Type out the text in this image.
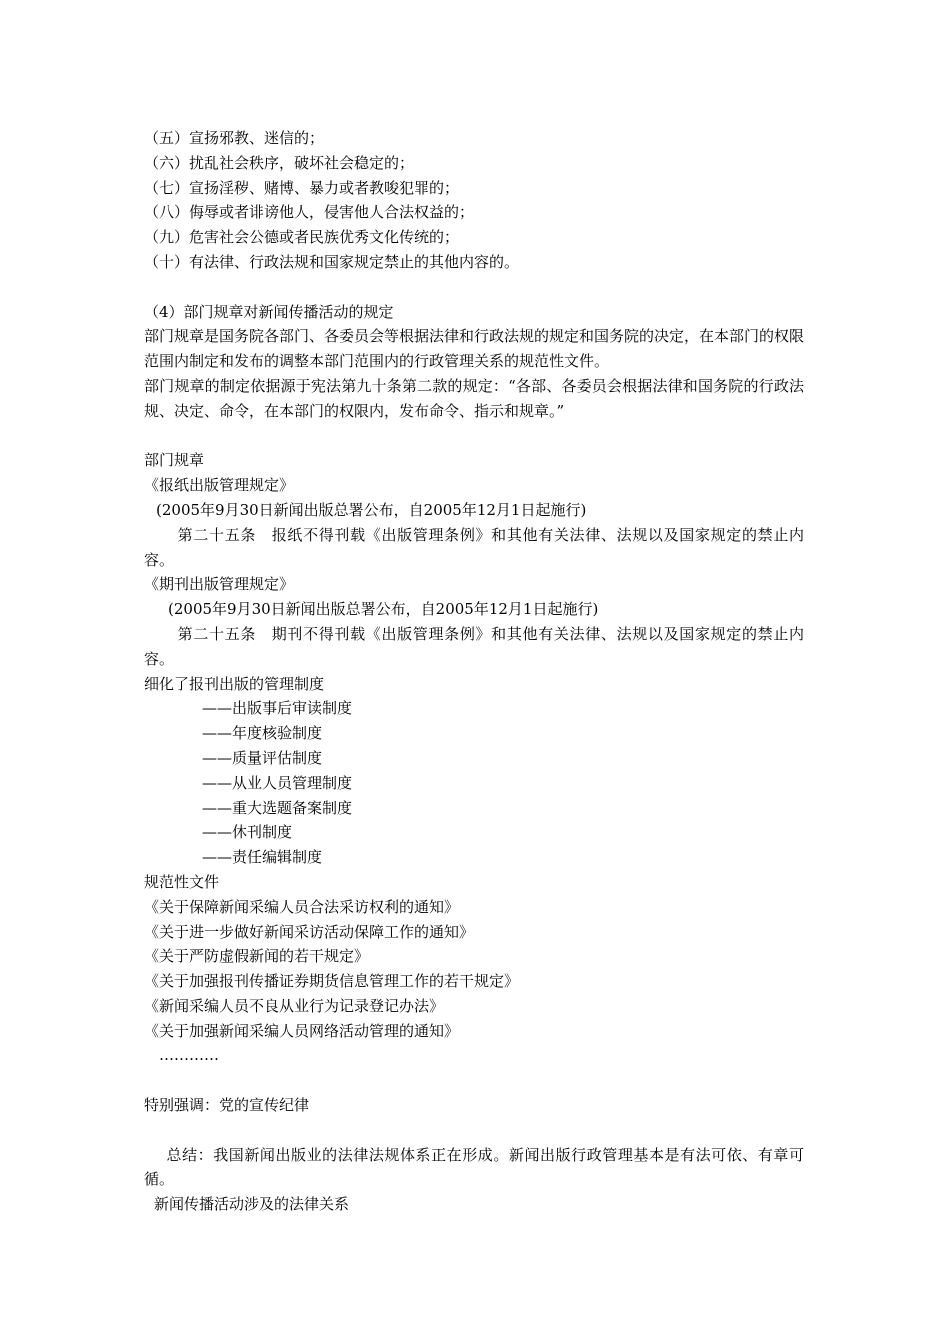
（五）宣扬邪教、迷信的；

（六）扰乱社会秩序，破坏社会稳定的；

（七）宣扬淫秽、赌博、暴力或者教唆犯罪的；

（八）侮辱或者诽谤他人，侵害他人合法权益的；

（九）危害社会公德或者民族优秀文化传统的；

（十）有法律、行政法规和国家规定禁止的其他内容的。

（4）部门规章对新闻传播活动的规定

部门规章是国务院各部门、各委员会等根据法律和行政法规的规定和国务院的决定，在本部门的权限范围内制定和发布的调整本部门范围内的行政管理关系的规范性文件。

部门规章的制定依据源于宪法第九十条第二款的规定：“各部、各委员会根据法律和国务院的行政法规、决定、命令，在本部门的权限内，发布命令、指示和规章。”

部门规章

《报纸出版管理规定》

(2005年9月30日新闻出版总署公布，自2005年12月1日起施行)

第二十五条　报纸不得刊载《出版管理条例》和其他有关法律、法规以及国家规定的禁止内容。

《期刊出版管理规定》

(2005年9月30日新闻出版总署公布，自2005年12月1日起施行)

第二十五条　期刊不得刊载《出版管理条例》和其他有关法律、法规以及国家规定的禁止内容。

细化了报刊出版的管理制度

——出版事后审读制度

——年度核验制度

——质量评估制度

——从业人员管理制度

——重大选题备案制度

——休刊制度

——责任编辑制度

规范性文件

《关于保障新闻采编人员合法采访权利的通知》

《关于进一步做好新闻采访活动保障工作的通知》

《关于严防虚假新闻的若干规定》

《关于加强报刊传播证券期货信息管理工作的若干规定》

《新闻采编人员不良从业行为记录登记办法》

《关于加强新闻采编人员网络活动管理的通知》

…………

特别强调：党的宣传纪律

总结：我国新闻出版业的法律法规体系正在形成。新闻出版行政管理基本是有法可依、有章可循。

新闻传播活动涉及的法律关系
